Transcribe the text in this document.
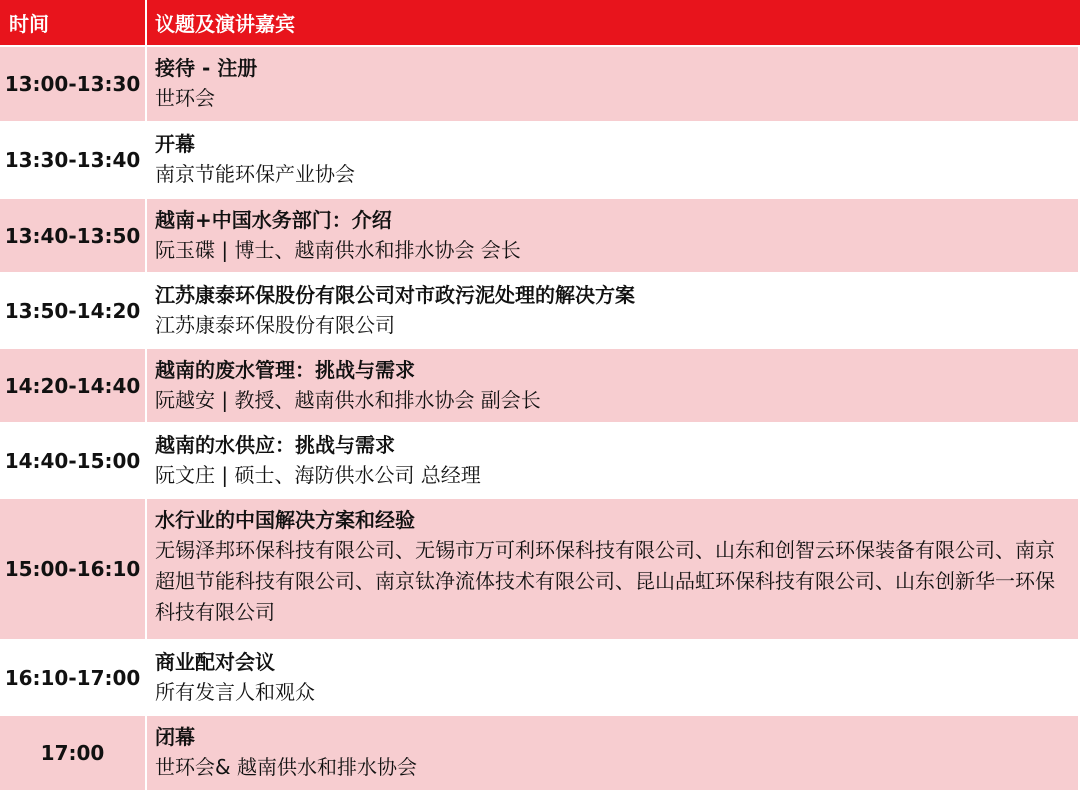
时间	议题及演讲嘉宾
13:00-13:30
接待 - 注册
世环会
13:30-13:40
开幕
南京节能环保产业协会
13:40-13:50
越南+中国水务部门：介绍
阮玉碟 | 博士、越南供水和排水协会 会长
13:50-14:20
江苏康泰环保股份有限公司对市政污泥处理的解决方案
江苏康泰环保股份有限公司
14:20-14:40
越南的废水管理：挑战与需求
阮越安 | 教授、越南供水和排水协会 副会长
14:40-15:00
越南的水供应：挑战与需求
阮文庄 | 硕士、海防供水公司 总经理
15:00-16:10
水行业的中国解决方案和经验
无锡泽邦环保科技有限公司、无锡市万可利环保科技有限公司、山东和创智云环保装备有限公司、南京超旭节能科技有限公司、南京钛净流体技术有限公司、昆山品虹环保科技有限公司、山东创新华一环保科技有限公司
16:10-17:00
商业配对会议
所有发言人和观众
17:00
闭幕
世环会& 越南供水和排水协会
